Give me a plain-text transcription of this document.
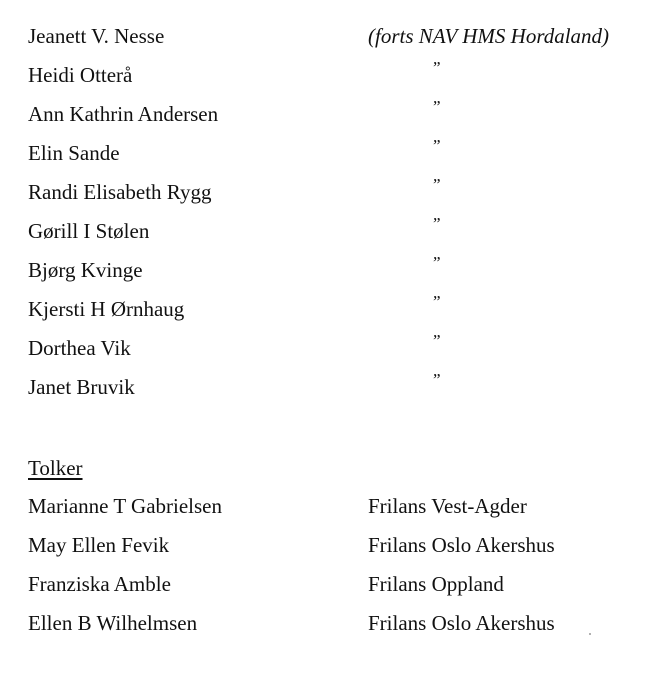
Jeanett V. Nesse	(forts NAV HMS Hordaland)
Heidi Otterå	”
Ann Kathrin Andersen	”
Elin Sande	”
Randi Elisabeth Rygg	”
Gørill I Stølen	”
Bjørg Kvinge	”
Kjersti H Ørnhaug	”
Dorthea Vik	”
Janet Bruvik	”
Tolker
Marianne T Gabrielsen	Frilans Vest-Agder
May Ellen Fevik	Frilans Oslo Akershus
Franziska Amble	Frilans Oppland
Ellen B Wilhelmsen	Frilans Oslo Akershus
